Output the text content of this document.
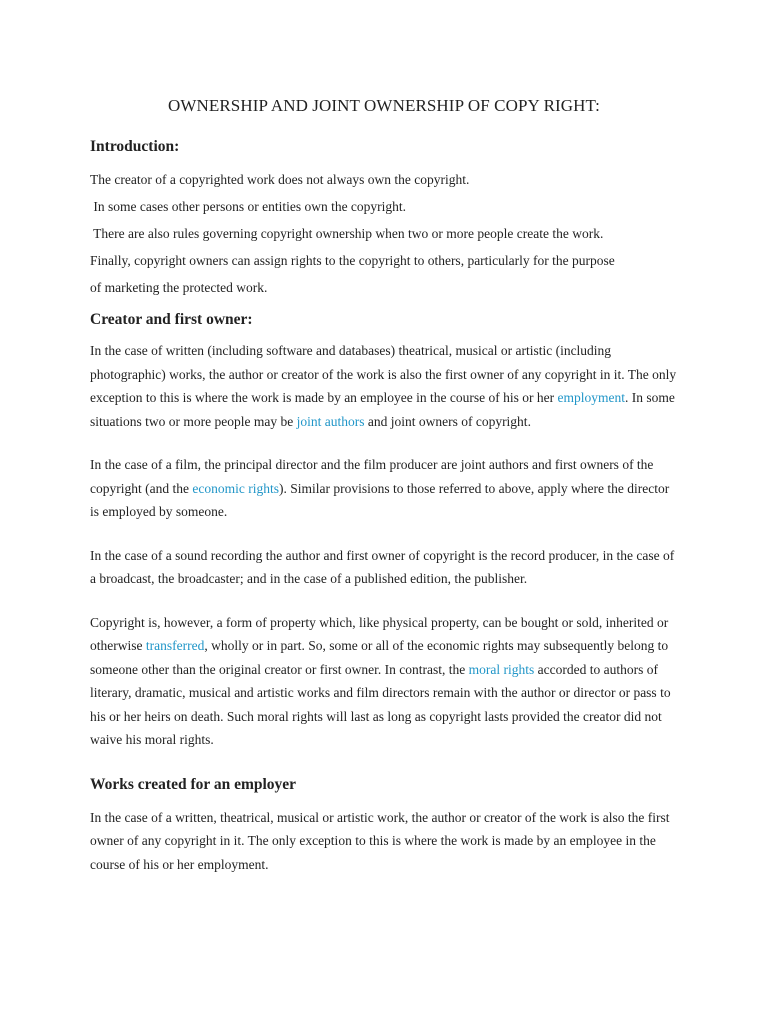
OWNERSHIP AND JOINT OWNERSHIP OF COPY RIGHT:
Introduction:

The creator of a copyrighted work does not always own the copyright.

In some cases other persons or entities own the copyright.

There are also rules governing copyright ownership when two or more people create the work.

Finally, copyright owners can assign rights to the copyright to others, particularly for the purpose

of marketing the protected work.

Creator and first owner:

In the case of written (including software and databases) theatrical, musical or artistic (including photographic) works, the author or creator of the work is also the first owner of any copyright in it. The only exception to this is where the work is made by an employee in the course of his or her employment. In some situations two or more people may be joint authors and joint owners of copyright.

In the case of a film, the principal director and the film producer are joint authors and first owners of the copyright (and the economic rights). Similar provisions to those referred to above, apply where the director is employed by someone.

In the case of a sound recording the author and first owner of copyright is the record producer, in the case of a broadcast, the broadcaster; and in the case of a published edition, the publisher.

Copyright is, however, a form of property which, like physical property, can be bought or sold, inherited or otherwise transferred, wholly or in part. So, some or all of the economic rights may subsequently belong to someone other than the original creator or first owner. In contrast, the moral rights accorded to authors of literary, dramatic, musical and artistic works and film directors remain with the author or director or pass to his or her heirs on death. Such moral rights will last as long as copyright lasts provided the creator did not waive his moral rights.

Works created for an employer

In the case of a written, theatrical, musical or artistic work, the author or creator of the work is also the first owner of any copyright in it. The only exception to this is where the work is made by an employee in the course of his or her employment.
